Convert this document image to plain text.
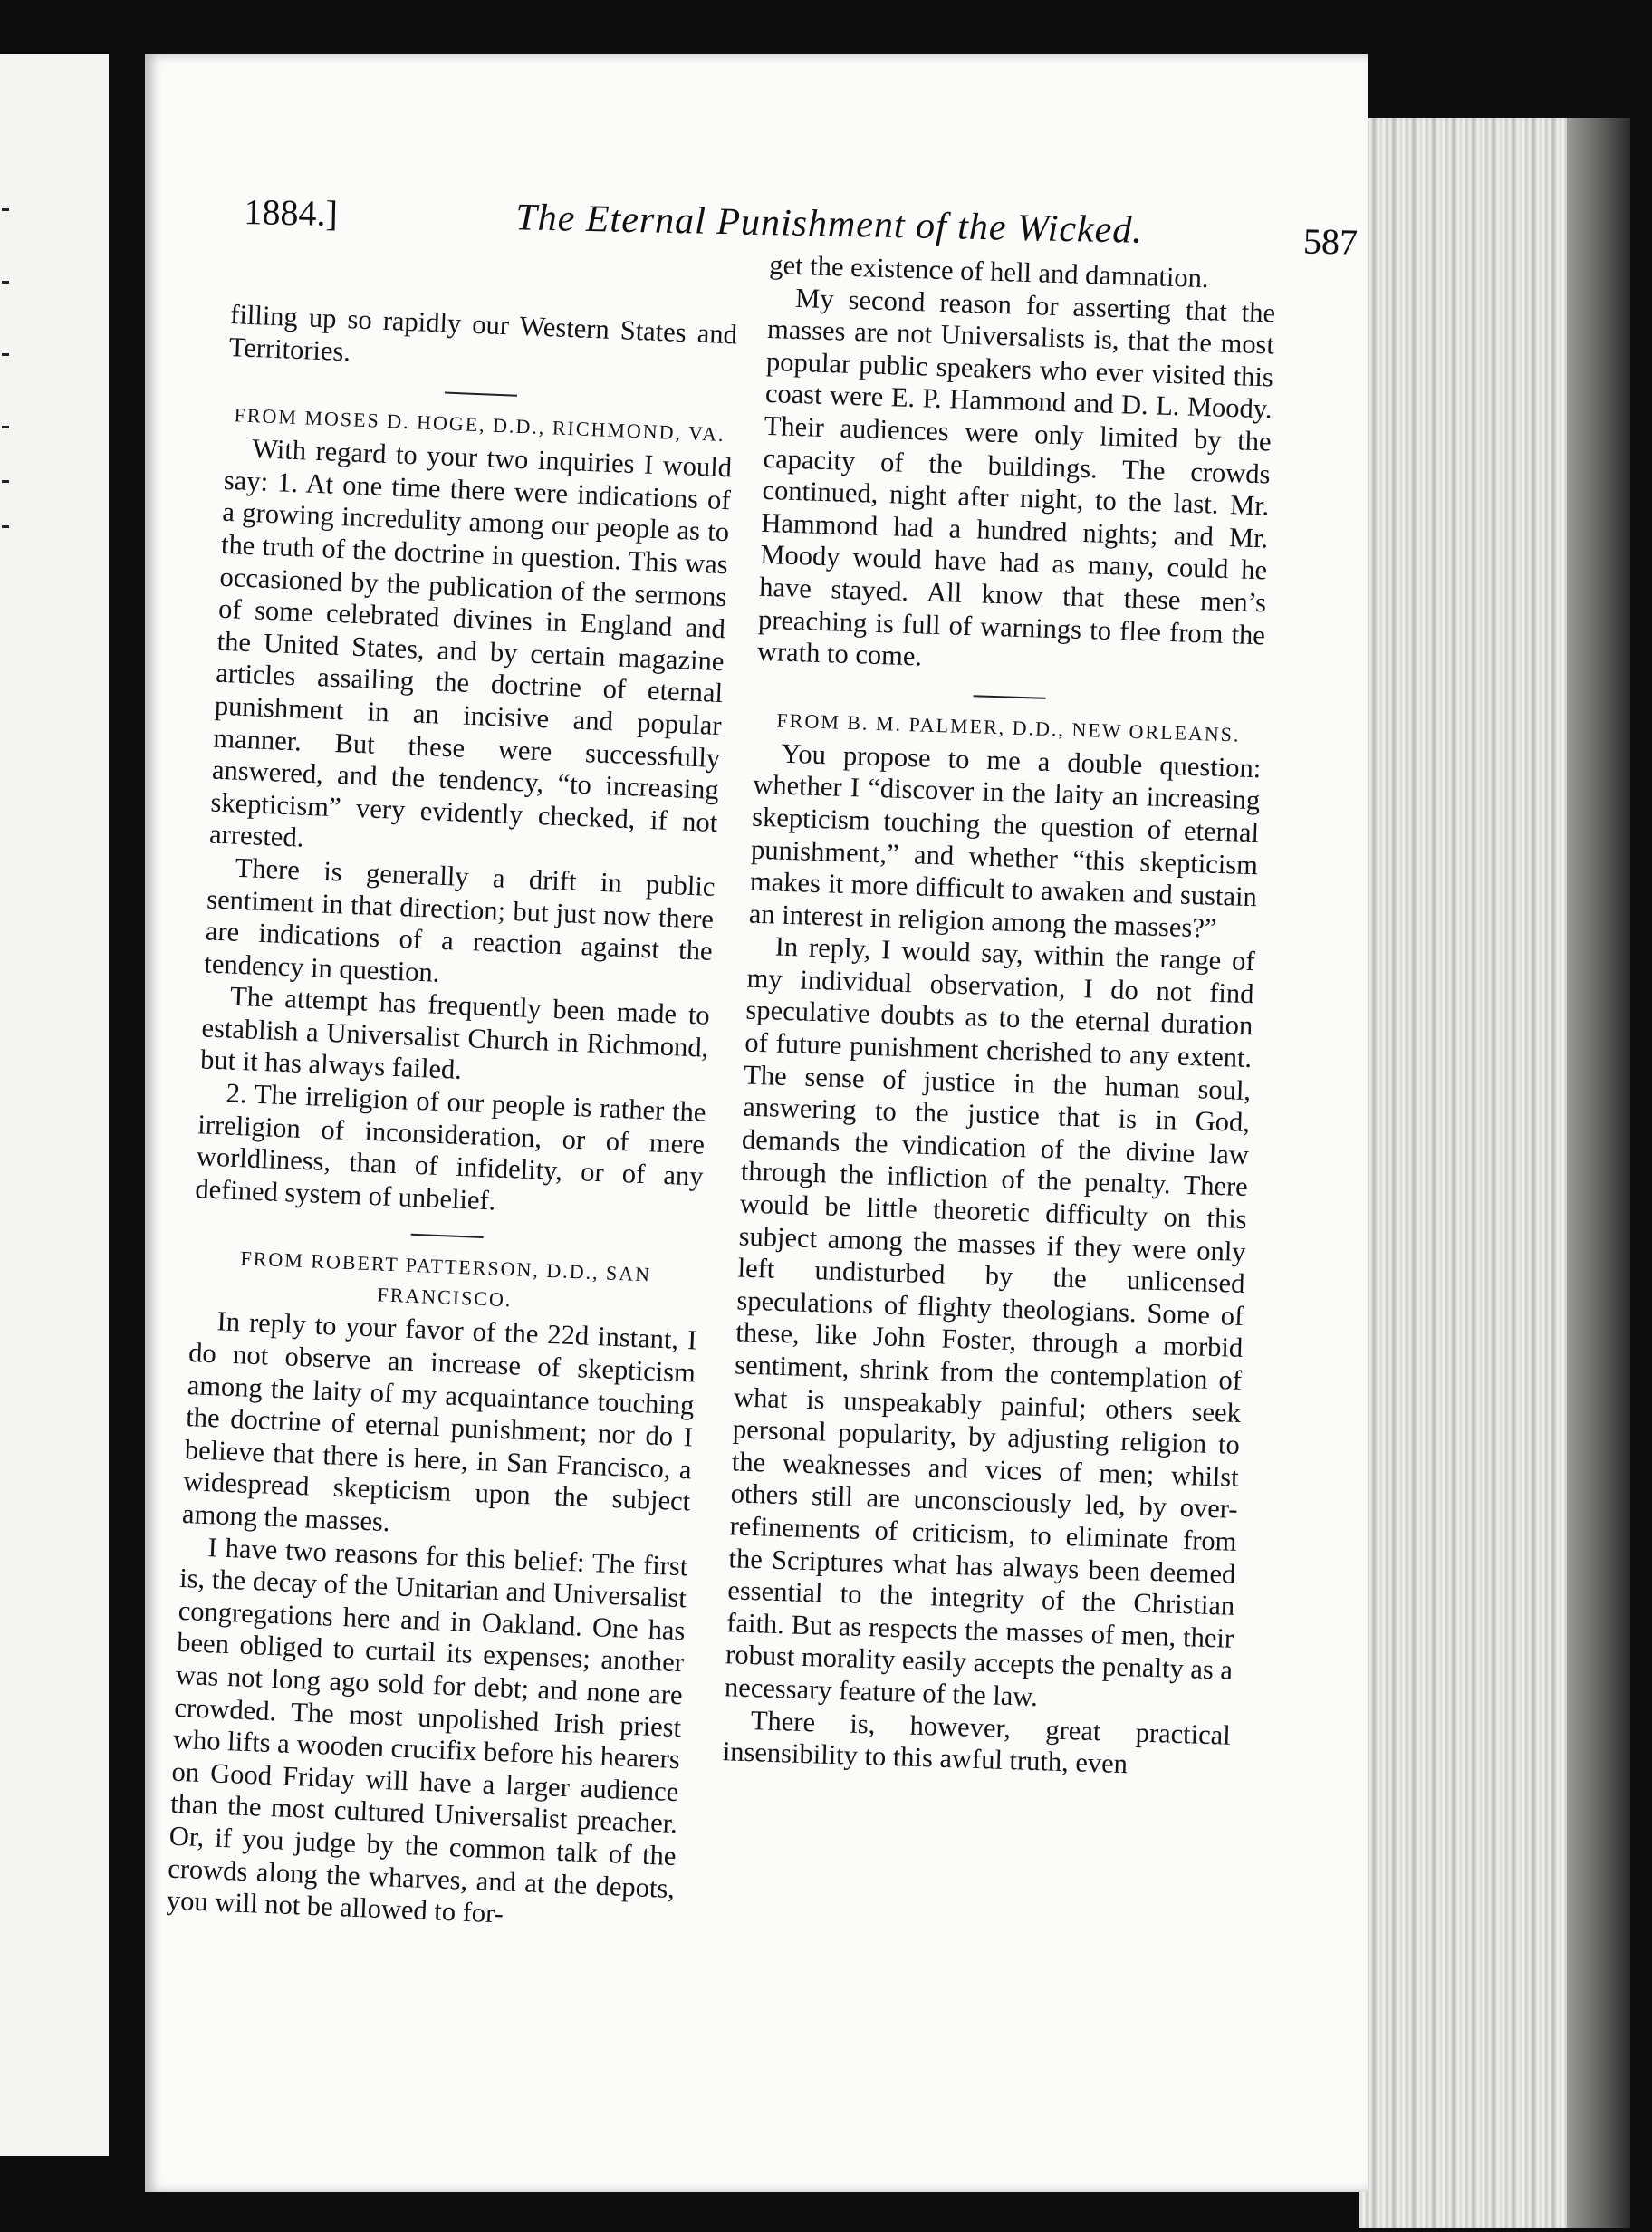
1884.]	The Eternal Punishment of the Wicked.	587

filling up so rapidly our Western States and Territories.

FROM MOSES D. HOGE, D.D., RICHMOND, VA.

With regard to your two inquiries I would say: 1. At one time there were indications of a growing incredulity among our people as to the truth of the doctrine in question. This was occasioned by the publication of the sermons of some celebrated divines in England and the United States, and by certain magazine articles assailing the doctrine of eternal punishment in an incisive and popular manner. But these were successfully answered, and the tendency, “to increasing skepticism” very evidently checked, if not arrested.

There is generally a drift in public sentiment in that direction; but just now there are indications of a reaction against the tendency in question.

The attempt has frequently been made to establish a Universalist Church in Richmond, but it has always failed.

2. The irreligion of our people is rather the irreligion of inconsideration, or of mere worldliness, than of infidelity, or of any defined system of unbelief.

FROM ROBERT PATTERSON, D.D., SAN FRANCISCO.

In reply to your favor of the 22d instant, I do not observe an increase of skepticism among the laity of my acquaintance touching the doctrine of eternal punishment; nor do I believe that there is here, in San Francisco, a widespread skepticism upon the subject among the masses.

I have two reasons for this belief: The first is, the decay of the Unitarian and Universalist congregations here and in Oakland. One has been obliged to curtail its expenses; another was not long ago sold for debt; and none are crowded. The most unpolished Irish priest who lifts a wooden crucifix before his hearers on Good Friday will have a larger audience than the most cultured Universalist preacher. Or, if you judge by the common talk of the crowds along the wharves, and at the depots, you will not be allowed to for-

get the existence of hell and damnation.

My second reason for asserting that the masses are not Universalists is, that the most popular public speakers who ever visited this coast were E. P. Hammond and D. L. Moody. Their audiences were only limited by the capacity of the buildings. The crowds continued, night after night, to the last. Mr. Hammond had a hundred nights; and Mr. Moody would have had as many, could he have stayed. All know that these men’s preaching is full of warnings to flee from the wrath to come.

FROM B. M. PALMER, D.D., NEW ORLEANS.

You propose to me a double question: whether I “discover in the laity an increasing skepticism touching the question of eternal punishment,” and whether “this skepticism makes it more difficult to awaken and sustain an interest in religion among the masses?”

In reply, I would say, within the range of my individual observation, I do not find speculative doubts as to the eternal duration of future punishment cherished to any extent. The sense of justice in the human soul, answering to the justice that is in God, demands the vindication of the divine law through the infliction of the penalty. There would be little theoretic difficulty on this subject among the masses if they were only left undisturbed by the unlicensed speculations of flighty theologians. Some of these, like John Foster, through a morbid sentiment, shrink from the contemplation of what is unspeakably painful; others seek personal popularity, by adjusting religion to the weaknesses and vices of men; whilst others still are unconsciously led, by over-refinements of criticism, to eliminate from the Scriptures what has always been deemed essential to the integrity of the Christian faith. But as respects the masses of men, their robust morality easily accepts the penalty as a necessary feature of the law.

There is, however, great practical insensibility to this awful truth, even
